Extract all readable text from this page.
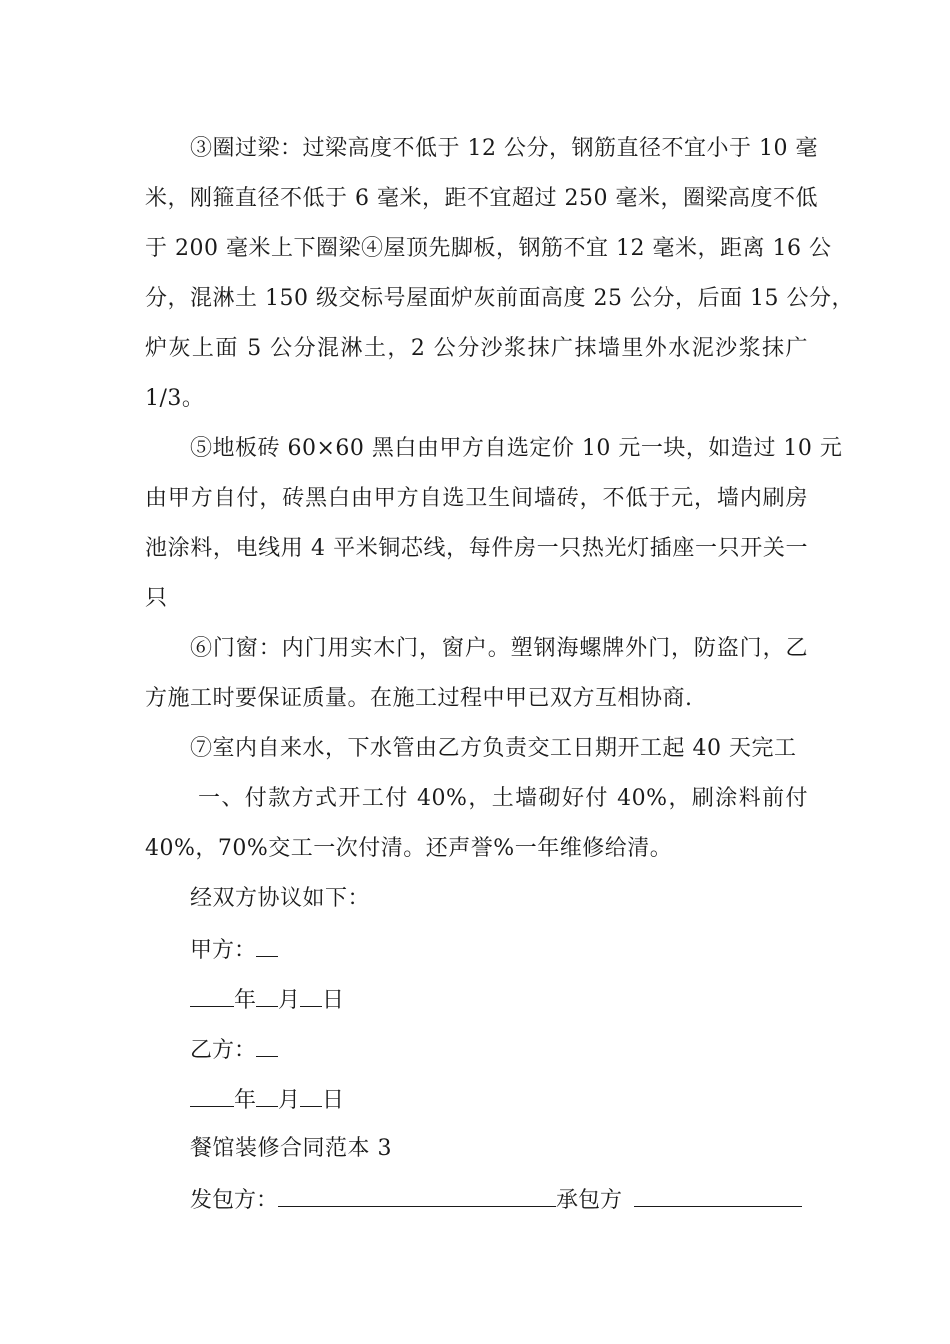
③圈过梁：过梁高度不低于 12 公分，钢筋直径不宜小于 10 毫
米，刚箍直径不低于 6 毫米，距不宜超过 250 毫米，圈梁高度不低
于 200 毫米上下圈梁④屋顶先脚板，钢筋不宜 12 毫米，距离 16 公
分，混淋土 150 级交标号屋面炉灰前面高度 25 公分，后面 15 公分，
炉灰上面 5 公分混淋土，2 公分沙浆抹广抹墙里外水泥沙浆抹广
1/3。
⑤地板砖 60×60 黑白由甲方自选定价 10 元一块，如造过 10 元
由甲方自付，砖黑白由甲方自选卫生间墙砖，不低于元，墙内刷房
池涂料，电线用 4 平米铜芯线，每件房一只热光灯插座一只开关一
只
⑥门窗：内门用实木门，窗户。塑钢海螺牌外门，防盗门，乙
方施工时要保证质量。在施工过程中甲已双方互相协商.
⑦室内自来水，下水管由乙方负责交工日期开工起 40 天完工
一、付款方式开工付 40%，土墙砌好付 40%，刷涂料前付
40%，70%交工一次付清。还声誉%一年维修给清。
经双方协议如下：
甲方：
年 月 日
乙方：
年 月 日
餐馆装修合同范本 3
发包方：	承包方
